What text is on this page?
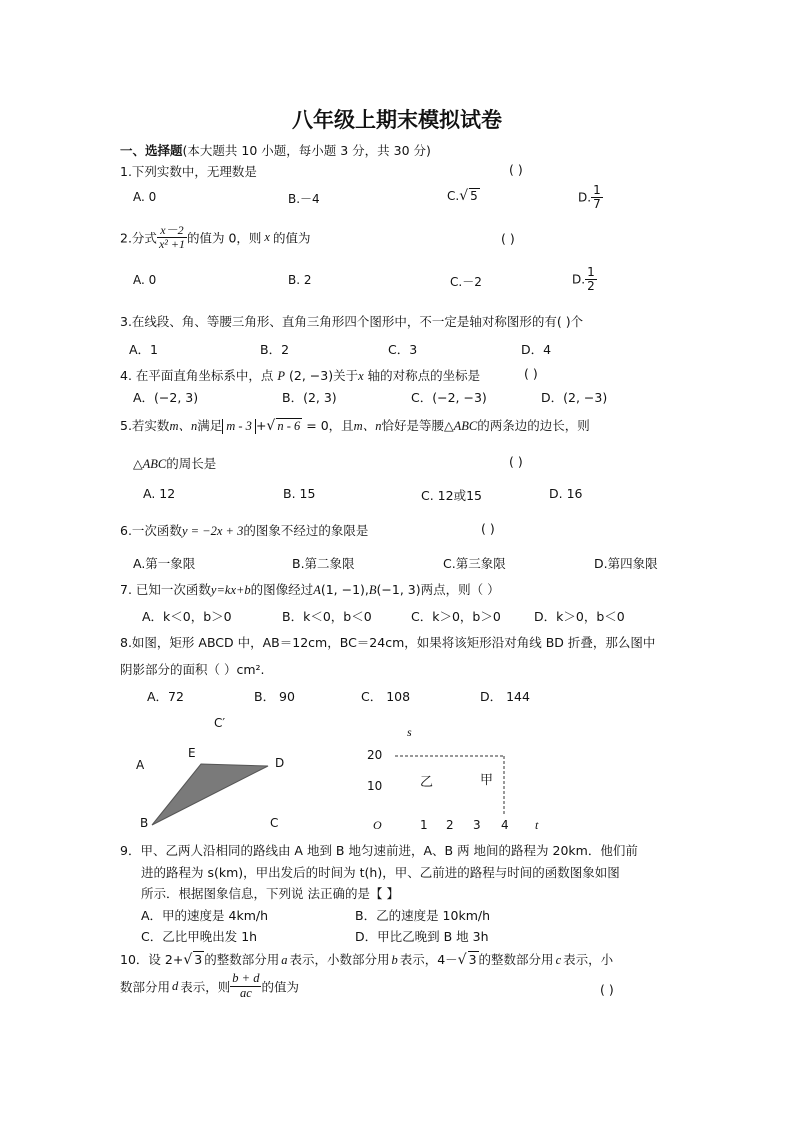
八年级上期末模拟试卷
一、选择题(本大题共 10 小题，每小题 3 分，共 30 分)
1.下列实数中，无理数是	( )
A. 0	B.－4	C.√ 5	D. $\frac{1}{7}$
2.分式 $\frac{x-2}{\text{x² +1}}$ 的值为 0，则 x 的值为	( )
A. 0	B. 2	C.－2	D. $\frac{1}{2}$
3.在线段、角、等腰三角形、直角三角形四个图形中，不一定是轴对称图形的有( )个
A．1	B．2	C．3	D．4
4. 在平面直角坐标系中，点 P (2, −3)关于x 轴的对称点的坐标是	( )
A．(−2, 3)	B．(2, 3)	C．(−2, −3)	D．(2, −3)
5.若实数m、n满足 m - 3 +√ n - 6 = 0，且m、n恰好是等腰△ABC的两条边的边长，则
△ABC的周长是	( )
A. 12	B. 15	C. 12或15	D. 16
6.一次函数y = −2x + 3的图象不经过的象限是	( )
A.第一象限	B.第二象限	C.第三象限	D.第四象限
7. 已知一次函数y=kx+b的图像经过A(1, −1),B(−1, 3)两点，则（ ）
A．k＜0，b＞0	B．k＜0，b＜0	C．k＞0，b＞0	D．k＞0，b＜0
8.如图，矩形 ABCD 中，AB＝12cm，BC＝24cm，如果将该矩形沿对角线 BD 折叠，那么图中
阴影部分的面积（ ）cm².
A．72	B． 90	C． 108	D． 144
C′
A
E
D
B	C
s
20
10	乙	甲
O	1 2 3 4 t
9．甲、乙两人沿相同的路线由 A 地到 B 地匀速前进，A、B 两 地间的路程为 20km．他们前
进的路程为 s(km)，甲出发后的时间为 t(h)，甲、乙前进的路程与时间的函数图象如图
所示．根据图象信息，下列说 法正确的是【 】
A．甲的速度是 4km/h	B．乙的速度是 10km/h
C．乙比甲晚出发 1h	D．甲比乙晚到 B 地 3h
10．设 2+√ 3 的整数部分用 a 表示，小数部分用 b 表示，4－√ 3 的整数部分用 c 表示，小
数部分用 d 表示，则 $\frac{b + d}{ac}$ 的值为	( )
